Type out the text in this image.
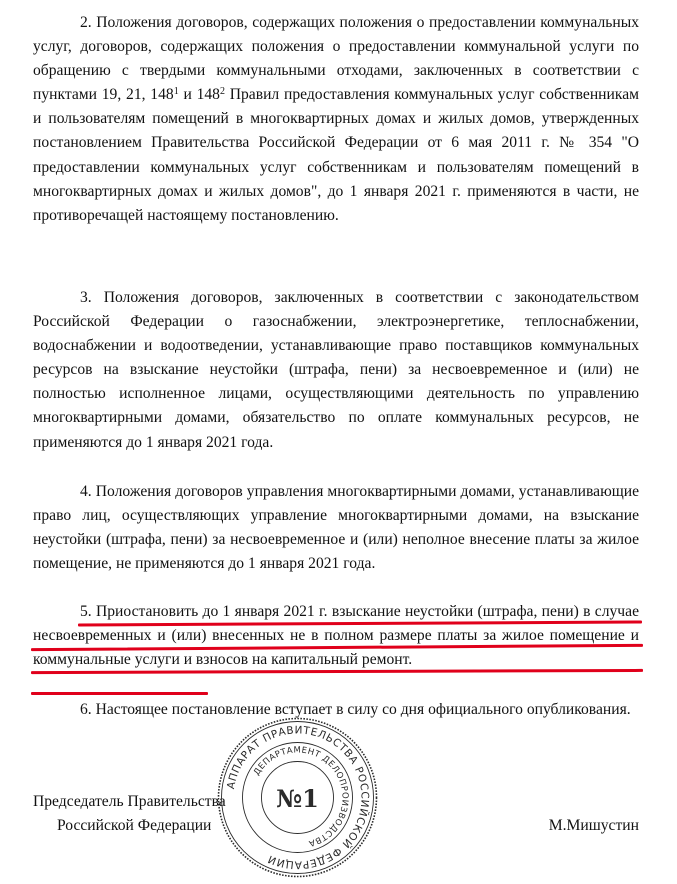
2. Положения договоров, содержащих положения о предоставлении коммунальных услуг, договоров, содержащих положения о предоставлении коммунальной услуги по обращению с твердыми коммунальными отходами, заключенных в соответствии с пунктами 19, 21, $148^1$ и $148^2$ Правил предоставления коммунальных услуг собственникам и пользователям помещений в многоквартирных домах и жилых домов, утвержденных постановлением Правительства Российской Федерации от 6 мая 2011 г. № 354 "О предоставлении коммунальных услуг собственникам и пользователям помещений в многоквартирных домах и жилых домов", до 1 января 2021 г. применяются в части, не противоречащей настоящему постановлению.

3. Положения договоров, заключенных в соответствии с законодательством Российской Федерации о газоснабжении, электроэнергетике, теплоснабжении, водоснабжении и водоотведении, устанавливающие право поставщиков коммунальных ресурсов на взыскание неустойки (штрафа, пени) за несвоевременное и (или) не полностью исполненное лицами, осуществляющими деятельность по управлению многоквартирными домами, обязательство по оплате коммунальных ресурсов, не применяются до 1 января 2021 года.

4. Положения договоров управления многоквартирными домами, устанавливающие право лиц, осуществляющих управление многоквартирными домами, на взыскание неустойки (штрафа, пени) за несвоевременное и (или) неполное внесение платы за жилое помещение, не применяются до 1 января 2021 года.

5. Приостановить до 1 января 2021 г. взыскание неустойки (штрафа, пени) в случае несвоевременных и (или) внесенных не в полном размере платы за жилое помещение и коммунальные услуги и взносов на капитальный ремонт.

6. Настоящее постановление вступает в силу со дня официального опубликования.

Председатель Правительства
Российской Федерации	М.Мишустин
АППАРАТ ПРАВИТЕЛЬСТВА РОССИЙСКОЙ ФЕДЕРАЦИИ
ДЕПАРТАМЕНТ ДЕЛОПРОИЗВОДСТВА
№1
